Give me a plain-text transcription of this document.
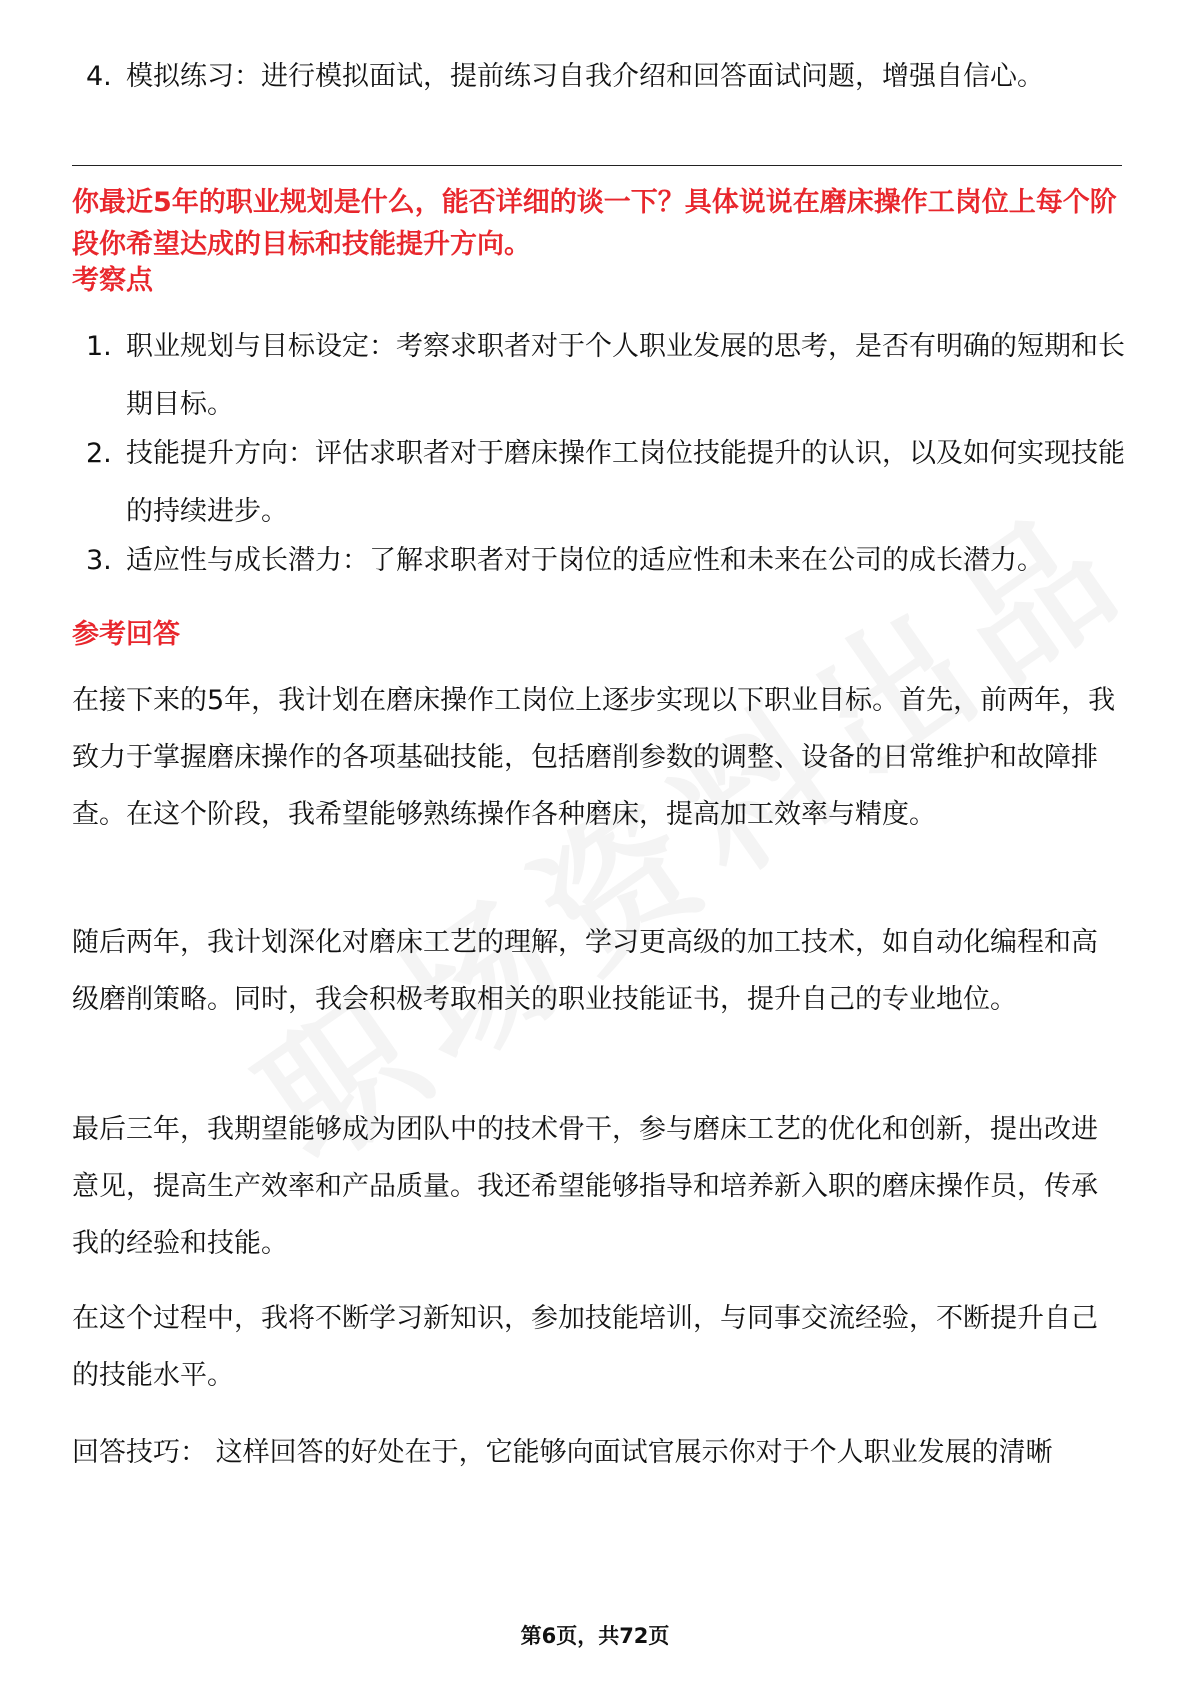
4. 模拟练习：进行模拟面试，提前练习自我介绍和回答面试问题，增强自信心。
你最近5年的职业规划是什么，能否详细的谈一下？具体说说在磨床操作工岗位上每个阶段你希望达成的目标和技能提升方向。
考察点
1. 职业规划与目标设定：考察求职者对于个人职业发展的思考，是否有明确的短期和长期目标。
2. 技能提升方向：评估求职者对于磨床操作工岗位技能提升的认识，以及如何实现技能的持续进步。
3. 适应性与成长潜力：了解求职者对于岗位的适应性和未来在公司的成长潜力。
参考回答
在接下来的5年，我计划在磨床操作工岗位上逐步实现以下职业目标。首先，前两年，我致力于掌握磨床操作的各项基础技能，包括磨削参数的调整、设备的日常维护和故障排查。在这个阶段，我希望能够熟练操作各种磨床，提高加工效率与精度。
随后两年，我计划深化对磨床工艺的理解，学习更高级的加工技术，如自动化编程和高级磨削策略。同时，我会积极考取相关的职业技能证书，提升自己的专业地位。
最后三年，我期望能够成为团队中的技术骨干，参与磨床工艺的优化和创新，提出改进意见，提高生产效率和产品质量。我还希望能够指导和培养新入职的磨床操作员，传承我的经验和技能。
在这个过程中，我将不断学习新知识，参加技能培训，与同事交流经验，不断提升自己的技能水平。
回答技巧： 这样回答的好处在于，它能够向面试官展示你对于个人职业发展的清晰
第6页，共72页
